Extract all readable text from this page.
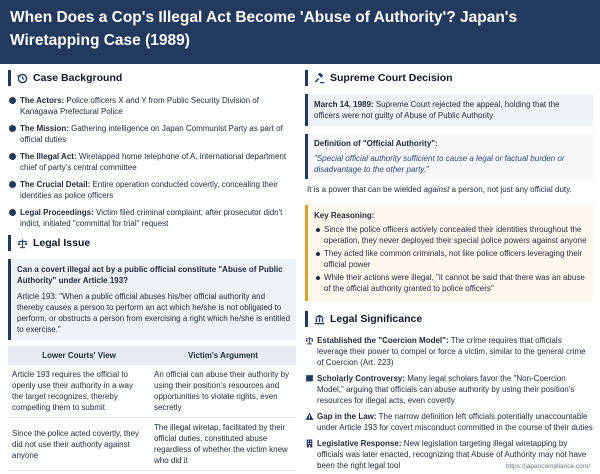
When Does a Cop's Illegal Act Become 'Abuse of Authority'? Japan's Wiretapping Case (1989)
Case Background
The Actors: Police officers X and Y from Public Security Division of Kanagawa Prefectural Police
The Mission: Gathering intelligence on Japan Communist Party as part of official duties
The Illegal Act: Wiretapped home telephone of A, international department chief of party's central committee
The Crucial Detail: Entire operation conducted covertly, concealing their identities as police officers
Legal Proceedings: Victim filed criminal complaint; after prosecutor didn't indict, initiated "committal for trial" request
Legal Issue
Can a covert illegal act by a public official constitute "Abuse of Public Authority" under Article 193?
Article 193: "When a public official abuses his/her official authority and thereby causes a person to perform an act which he/she is not obligated to perform, or obstructs a person from exercising a right which he/she is entitled to exercise."
Lower Courts' View	Victim's Argument
Article 193 requires the official to openly use their authority in a way the target recognizes, thereby compelling them to submit	An official can abuse their authority by using their position's resources and opportunities to violate rights, even secretly
Since the police acted covertly, they did not use their authority against anyone	The illegal wiretap, facilitated by their official duties, constituted abuse regardless of whether the victim knew who did it
Supreme Court Decision
March 14, 1989: Supreme Court rejected the appeal, holding that the officers were not guilty of Abuse of Public Authority
Definition of "Official Authority":
"Special official authority sufficient to cause a legal or factual burden or disadvantage to the other party."
It is a power that can be wielded against a person, not just any official duty.
Key Reasoning:
Since the police officers actively concealed their identities throughout the operation, they never deployed their special police powers against anyone
They acted like common criminals, not like police officers leveraging their official power
While their actions were illegal, "it cannot be said that there was an abuse of the official authority granted to police officers"
Legal Significance
Established the "Coercion Model": The crime requires that officials leverage their power to compel or force a victim, similar to the general crime of Coercion (Art. 223)
Scholarly Controversy: Many legal scholars favor the "Non-Coercion Model," arguing that officials can abuse authority by using their position's resources for illegal acts, even covertly
Gap in the Law: The narrow definition left officials potentially unaccountable under Article 193 for covert misconduct committed in the course of their duties
Legislative Response: New legislation targeting illegal wiretapping by officials was later enacted, recognizing that Abuse of Authority may not have been the right legal tool	https://japancompliance.com/
